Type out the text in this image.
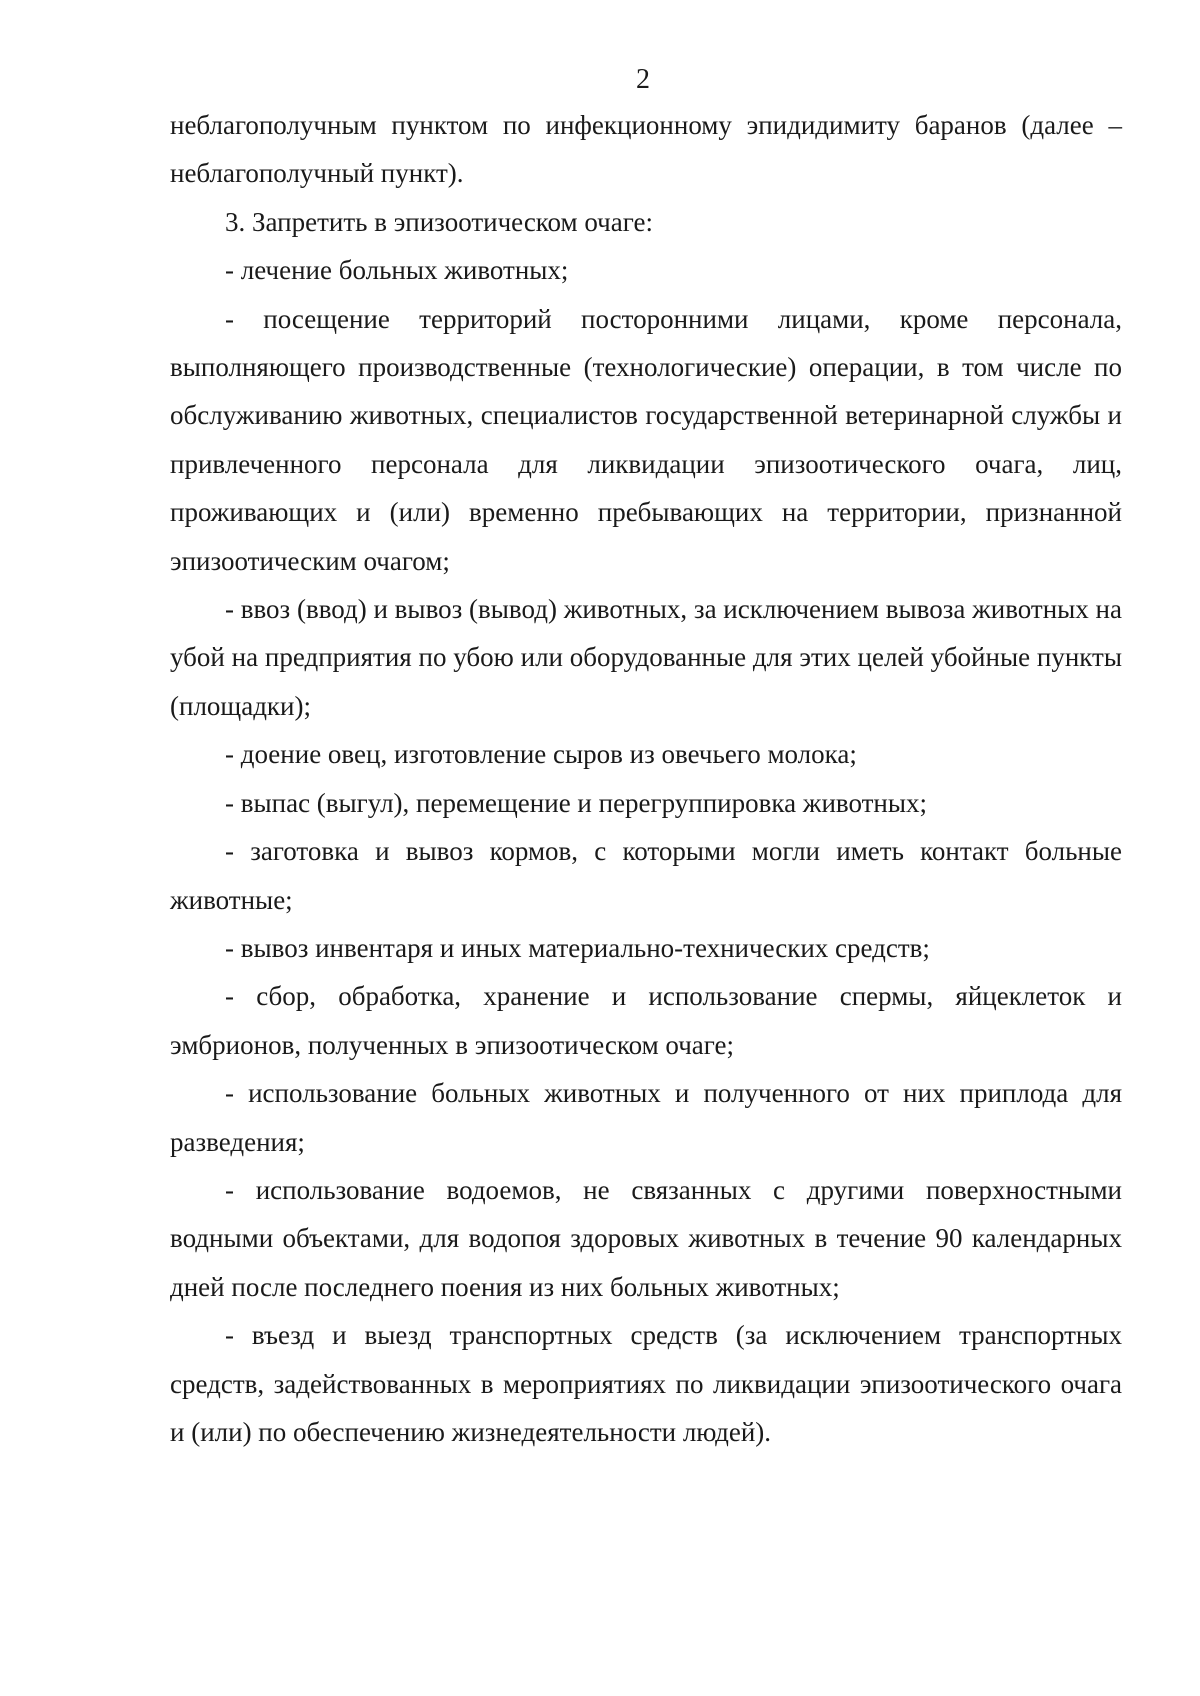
2

неблагополучным пунктом по инфекционному эпидидимиту баранов (далее – неблагополучный пункт).

3. Запретить в эпизоотическом очаге:

- лечение больных животных;

- посещение территорий посторонними лицами, кроме персонала, выполняющего производственные (технологические) операции, в том числе по обслуживанию животных, специалистов государственной ветеринарной службы и привлеченного персонала для ликвидации эпизоотического очага, лиц, проживающих и (или) временно пребывающих на территории, признанной эпизоотическим очагом;

- ввоз (ввод) и вывоз (вывод) животных, за исключением вывоза животных на убой на предприятия по убою или оборудованные для этих целей убойные пункты (площадки);

- доение овец, изготовление сыров из овечьего молока;

- выпас (выгул), перемещение и перегруппировка животных;

- заготовка и вывоз кормов, с которыми могли иметь контакт больные животные;

- вывоз инвентаря и иных материально-технических средств;

- сбор, обработка, хранение и использование спермы, яйцеклеток и эмбрионов, полученных в эпизоотическом очаге;

- использование больных животных и полученного от них приплода для разведения;

- использование водоемов, не связанных с другими поверхностными водными объектами, для водопоя здоровых животных в течение 90 календарных дней после последнего поения из них больных животных;

- въезд и выезд транспортных средств (за исключением транспортных средств, задействованных в мероприятиях по ликвидации эпизоотического очага и (или) по обеспечению жизнедеятельности людей).
